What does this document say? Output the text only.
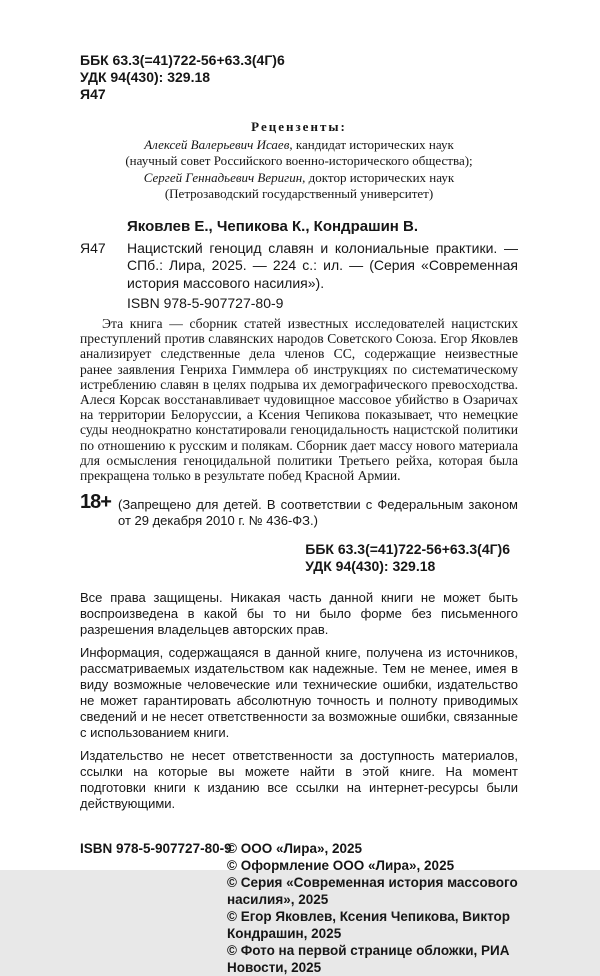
ББК 63.3(=41)722-56+63.3(4Г)6
УДК 94(430): 329.18
Я47
Рецензенты:
Алексей Валерьевич Исаев, кандидат исторических наук
(научный совет Российского военно-исторического общества);
Сергей Геннадьевич Веригин, доктор исторических наук
(Петрозаводский государственный университет)
Яковлев Е., Чепикова К., Кондрашин В.
Я47 Нацистский геноцид славян и колониальные практики. — СПб.: Лира, 2025. — 224 с.: ил. — (Серия «Современная история массового насилия»).
ISBN 978-5-907727-80-9

Эта книга — сборник статей известных исследователей нацистских преступлений против славянских народов Советского Союза. Егор Яковлев анализирует следственные дела членов СС, содержащие неизвестные ранее заявления Генриха Гиммлера об инструкциях по систематическому истреблению славян в целях подрыва их демографического превосходства. Алеся Корсак восстанавливает чудовищное массовое убийство в Озаричах на территории Белоруссии, а Ксения Чепикова показывает, что немецкие суды неоднократно констатировали геноцидальность нацистской политики по отношению к русским и полякам. Сборник дает массу нового материала для осмысления геноцидальной политики Третьего рейха, которая была прекращена только в результате побед Красной Армии.

18+ (Запрещено для детей. В соответствии с Федеральным законом от 29 декабря 2010 г. № 436-ФЗ.)
ББК 63.3(=41)722-56+63.3(4Г)6
УДК 94(430): 329.18

Все права защищены. Никакая часть данной книги не может быть воспроизведена в какой бы то ни было форме без письменного разрешения владельцев авторских прав.

Информация, содержащаяся в данной книге, получена из источников, рассматриваемых издательством как надежные. Тем не менее, имея в виду возможные человеческие или технические ошибки, издательство не может гарантировать абсолютную точность и полноту приводимых сведений и не несет ответственности за возможные ошибки, связанные с использованием книги.

Издательство не несет ответственности за доступность материалов, ссылки на которые вы можете найти в этой книге. На момент подготовки книги к изданию все ссылки на интернет-ресурсы были действующими.

ISBN 978-5-907727-80-9
© ООО «Лира», 2025
© Оформление ООО «Лира», 2025
© Серия «Современная история массового насилия», 2025
© Егор Яковлев, Ксения Чепикова, Виктор Кондрашин, 2025
© Фото на первой странице обложки, РИА Новости, 2025
